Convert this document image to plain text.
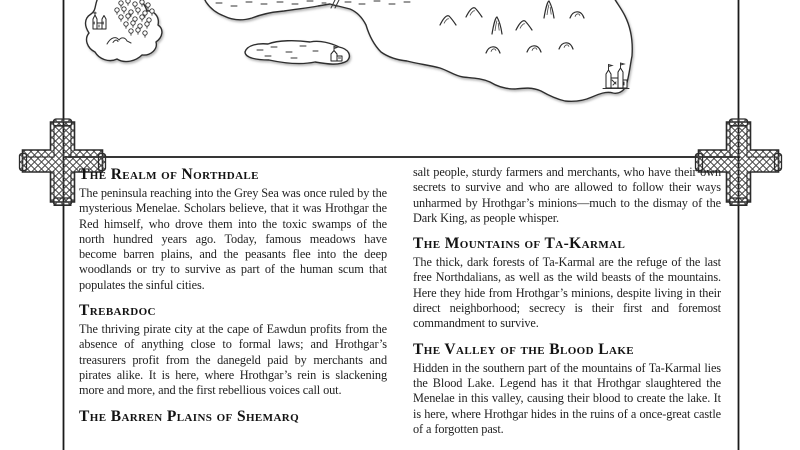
The Realm of Northdale

The peninsula reaching into the Grey Sea was once ruled by the mysterious Menelae. Scholars believe, that it was Hrothgar the Red himself, who drove them into the toxic swamps of the north hundred years ago. Today, famous meadows have become barren plains, and the peasants flee into the deep woodlands or try to survive as part of the human scum that populates the sinful cities.

Trebardoc

The thriving pirate city at the cape of Eawdun profits from the absence of anything close to formal laws; and Hrothgar’s treasurers profit from the danegeld paid by merchants and pirates alike. It is here, where Hrothgar’s rein is slackening more and more, and the first rebellious voices call out.

The Barren Plains of Shemarq

salt people, sturdy farmers and merchants, who have their own secrets to survive and who are allowed to follow their ways unharmed by Hrothgar’s minions—much to the dismay of the Dark King, as people whisper.

The Mountains of Ta-Karmal

The thick, dark forests of Ta-Karmal are the refuge of the last free Northdalians, as well as the wild beasts of the mountains. Here they hide from Hrothgar’s minions, despite living in their direct neighborhood; secrecy is their first and foremost commandment to survive.

The Valley of the Blood Lake

Hidden in the southern part of the mountains of Ta-Karmal lies the Blood Lake. Legend has it that Hrothgar slaughtered the Menelae in this valley, causing their blood to create the lake. It is here, where Hrothgar hides in the ruins of a once-great castle of a forgotten past.
